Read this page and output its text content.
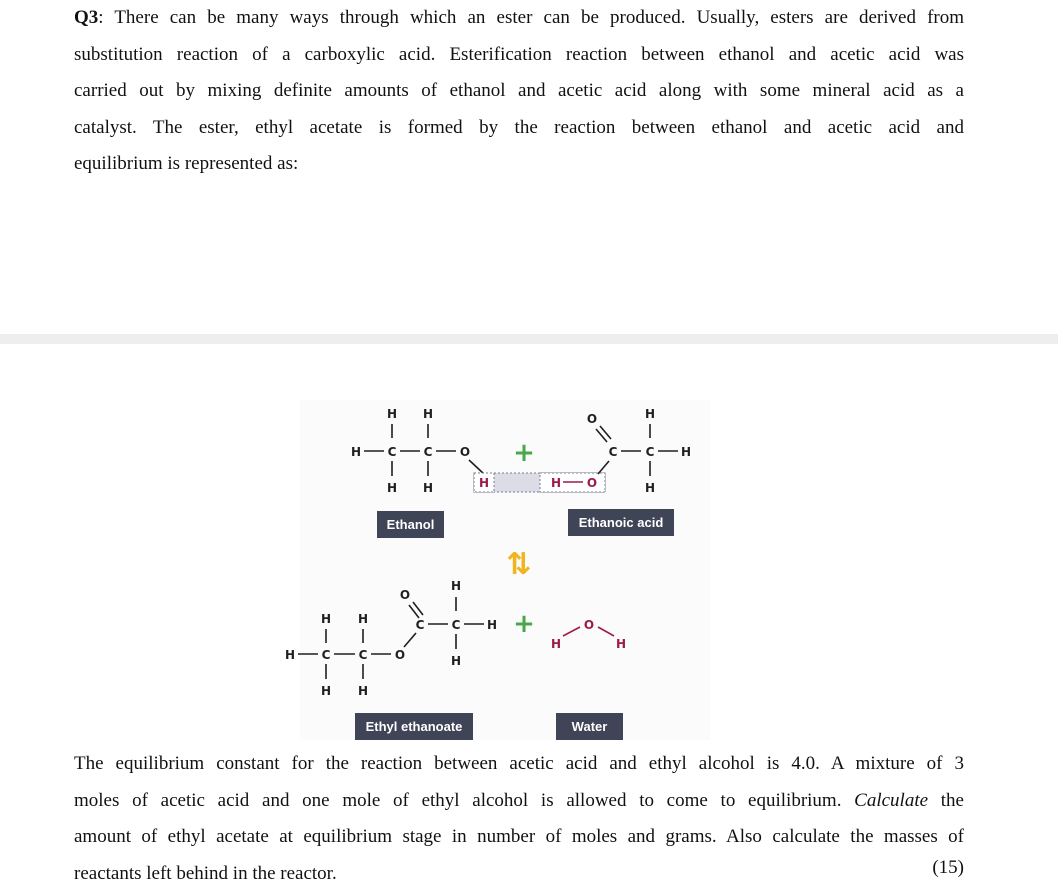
Q3: There can be many ways through which an ester can be produced. Usually, esters are derived from
substitution reaction of a carboxylic acid. Esterification reaction between ethanol and acetic acid was
carried out by mixing definite amounts of ethanol and acetic acid along with some mineral acid as a
catalyst. The ester, ethyl acetate is formed by the reaction between ethanol and acetic acid and
equilibrium is represented as:
H H
H C C O
H H	H	H O
+
O
C C H
H
H
Ethanol	Ethanoic acid
⇅
H H
H C C O
H H
O
C C H
H
H
+
H
O
H
Ethyl ethanoate	Water
The equilibrium constant for the reaction between acetic acid and ethyl alcohol is 4.0. A mixture of 3
moles of acetic acid and one mole of ethyl alcohol is allowed to come to equilibrium. Calculate the
amount of ethyl acetate at equilibrium stage in number of moles and grams. Also calculate the masses of
reactants left behind in the reactor.	(15)
